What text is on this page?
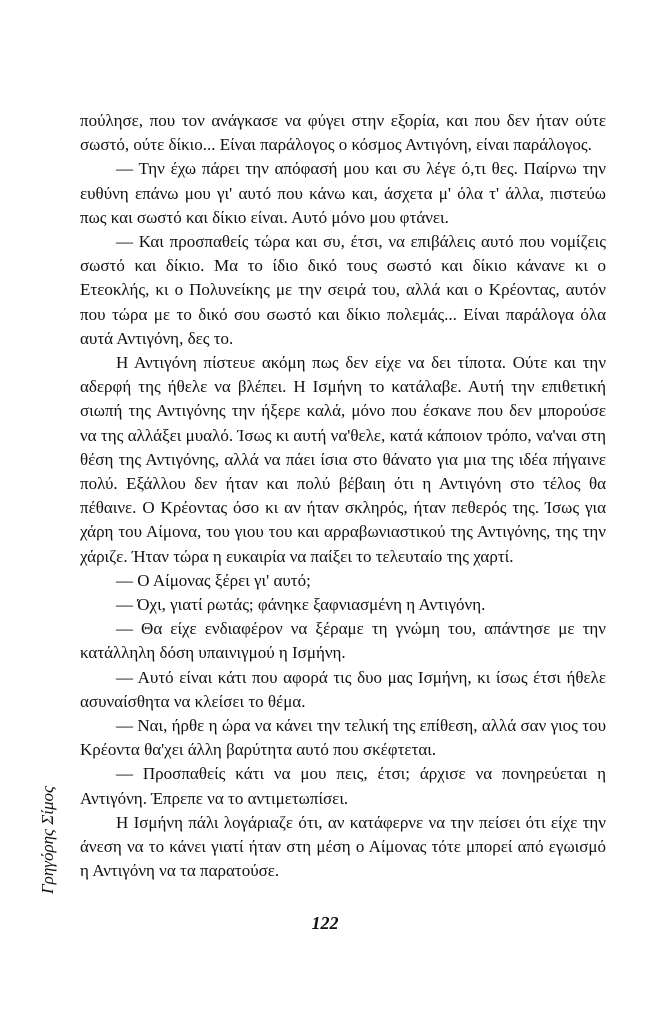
πούλησε, που τον ανάγκασε να φύγει στην εξορία, και που δεν ήταν ούτε σωστό, ούτε δίκιο... Είναι παράλογος ο κόσμος Αντιγόνη, είναι παράλογος.

— Την έχω πάρει την απόφασή μου και συ λέγε ό,τι θες. Παίρνω την ευθύνη επάνω μου γι' αυτό που κάνω και, άσχετα μ' όλα τ' άλλα, πιστεύω πως και σωστό και δίκιο είναι. Αυτό μόνο μου φτάνει.

— Και προσπαθείς τώρα και συ, έτσι, να επιβάλεις αυτό που νομίζεις σωστό και δίκιο. Μα το ίδιο δικό τους σωστό και δίκιο κάνανε κι ο Ετεοκλής, κι ο Πολυνείκης με την σειρά του, αλλά και ο Κρέοντας, αυτόν που τώρα με το δικό σου σωστό και δίκιο πολεμάς... Είναι παράλογα όλα αυτά Αντιγόνη, δες το.

Η Αντιγόνη πίστευε ακόμη πως δεν είχε να δει τίποτα. Ούτε και την αδερφή της ήθελε να βλέπει. Η Ισμήνη το κατάλαβε. Αυτή την επιθετική σιωπή της Αντιγόνης την ήξερε καλά, μόνο που έσκανε που δεν μπορούσε να της αλλάξει μυαλό. Ίσως κι αυτή να'θελε, κατά κάποιον τρόπο, να'ναι στη θέση της Αντιγόνης, αλλά να πάει ίσια στο θάνατο για μια της ιδέα πήγαινε πολύ. Εξάλλου δεν ήταν και πολύ βέβαιη ότι η Αντιγόνη στο τέλος θα πέθαινε. Ο Κρέοντας όσο κι αν ήταν σκληρός, ήταν πεθερός της. Ίσως για χάρη του Αίμονα, του γιου του και αρραβωνιαστικού της Αντιγόνης, της την χάριζε. Ήταν τώρα η ευκαιρία να παίξει το τελευταίο της χαρτί.

— Ο Αίμονας ξέρει γι' αυτό;

— Όχι, γιατί ρωτάς; φάνηκε ξαφνιασμένη η Αντιγόνη.

— Θα είχε ενδιαφέρον να ξέραμε τη γνώμη του, απάντησε με την κατάλληλη δόση υπαινιγμού η Ισμήνη.

— Αυτό είναι κάτι που αφορά τις δυο μας Ισμήνη, κι ίσως έτσι ήθελε ασυναίσθητα να κλείσει το θέμα.

— Ναι, ήρθε η ώρα να κάνει την τελική της επίθεση, αλλά σαν γιος του Κρέοντα θα'χει άλλη βαρύτητα αυτό που σκέφτεται.

— Προσπαθείς κάτι να μου πεις, έτσι; άρχισε να πονηρεύεται η Αντιγόνη. Έπρεπε να το αντιμετωπίσει.

Η Ισμήνη πάλι λογάριαζε ότι, αν κατάφερνε να την πείσει ότι είχε την άνεση να το κάνει γιατί ήταν στη μέση ο Αίμονας τότε μπορεί από εγωισμό η Αντιγόνη να τα παρατούσε.

Γρηγόρης Σίμος
122
